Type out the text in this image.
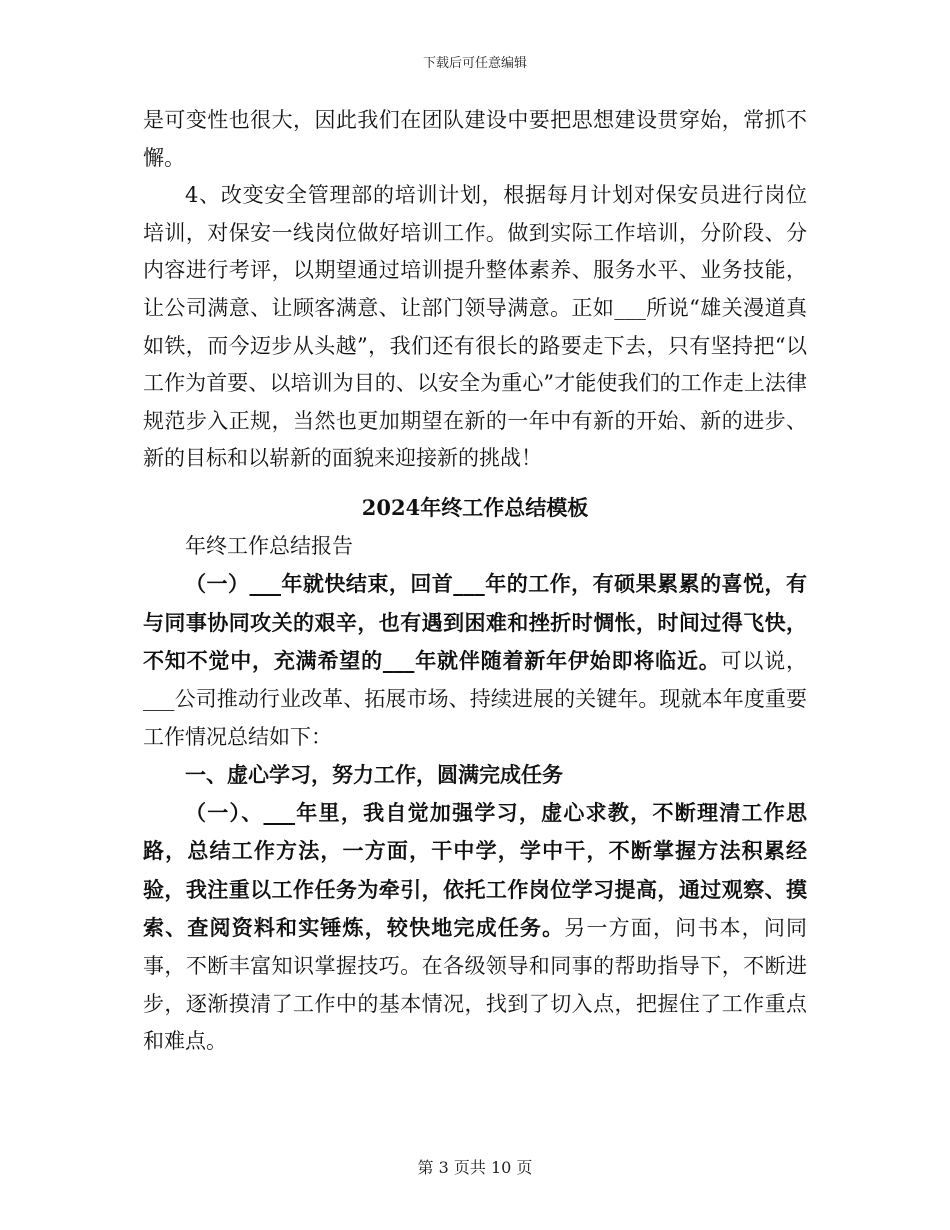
下载后可任意编辑

是可变性也很大，因此我们在团队建设中要把思想建设贯穿始，常抓不懈。

4、改变安全管理部的培训计划，根据每月计划对保安员进行岗位培训，对保安一线岗位做好培训工作。做到实际工作培训，分阶段、分内容进行考评，以期望通过培训提升整体素养、服务水平、业务技能，让公司满意、让顾客满意、让部门领导满意。正如___所说“雄关漫道真如铁，而今迈步从头越”，我们还有很长的路要走下去，只有坚持把“以工作为首要、以培训为目的、以安全为重心”才能使我们的工作走上法律规范步入正规，当然也更加期望在新的一年中有新的开始、新的进步、新的目标和以崭新的面貌来迎接新的挑战！

2024年终工作总结模板

年终工作总结报告

（一）___年就快结束，回首___年的工作，有硕果累累的喜悦，有与同事协同攻关的艰辛，也有遇到困难和挫折时惆怅，时间过得飞快，不知不觉中，充满希望的___年就伴随着新年伊始即将临近。可以说，___公司推动行业改革、拓展市场、持续进展的关键年。现就本年度重要工作情况总结如下：

一、虚心学习，努力工作，圆满完成任务

（一）、___年里，我自觉加强学习，虚心求教，不断理清工作思路，总结工作方法，一方面，干中学，学中干，不断掌握方法积累经验，我注重以工作任务为牵引，依托工作岗位学习提高，通过观察、摸索、查阅资料和实锤炼，较快地完成任务。另一方面，问书本，问同事，不断丰富知识掌握技巧。在各级领导和同事的帮助指导下，不断进步，逐渐摸清了工作中的基本情况，找到了切入点，把握住了工作重点和难点。

第 3 页共 10 页
